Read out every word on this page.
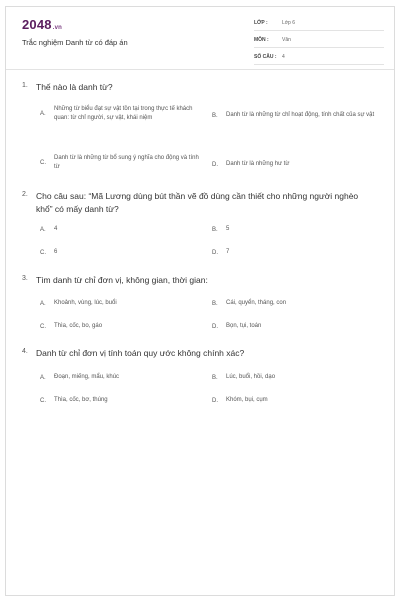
2048.vn
Trắc nghiệm Danh từ có đáp án
LỚP :	Lớp 6
MÔN :	Văn
SỐ CÂU :	4
1. Thế nào là danh từ?
A.
Những từ biểu đạt sự vật tồn tại trong thực tế khách quan: từ chỉ người, sự vật, khái niệm	B.	Danh từ là những từ chỉ hoạt động, tính chất của sự vật
C.
Danh từ là những từ bổ sung ý nghĩa cho động và tính từ	D.	Danh từ là những hư từ
2. Cho câu sau: “Mã Lương dùng bút thần vẽ đồ dùng cần thiết cho những người nghèo khổ” có mấy danh từ?
A.	4	B.	5
C.	6	D.	7
3. Tìm danh từ chỉ đơn vị, không gian, thời gian:
A.	Khoảnh, vùng, lúc, buổi	B.	Cái, quyển, tháng, con
C.	Thìa, cốc, bo, gáo	D.	Bọn, tụi, toán
4. Danh từ chỉ đơn vị tính toán quy ước không chính xác?
A.	Đoạn, miếng, mẩu, khúc	B.	Lúc, buổi, hồi, dạo
C.	Thìa, cốc, bơ, thúng	D.	Khóm, bụi, cụm
